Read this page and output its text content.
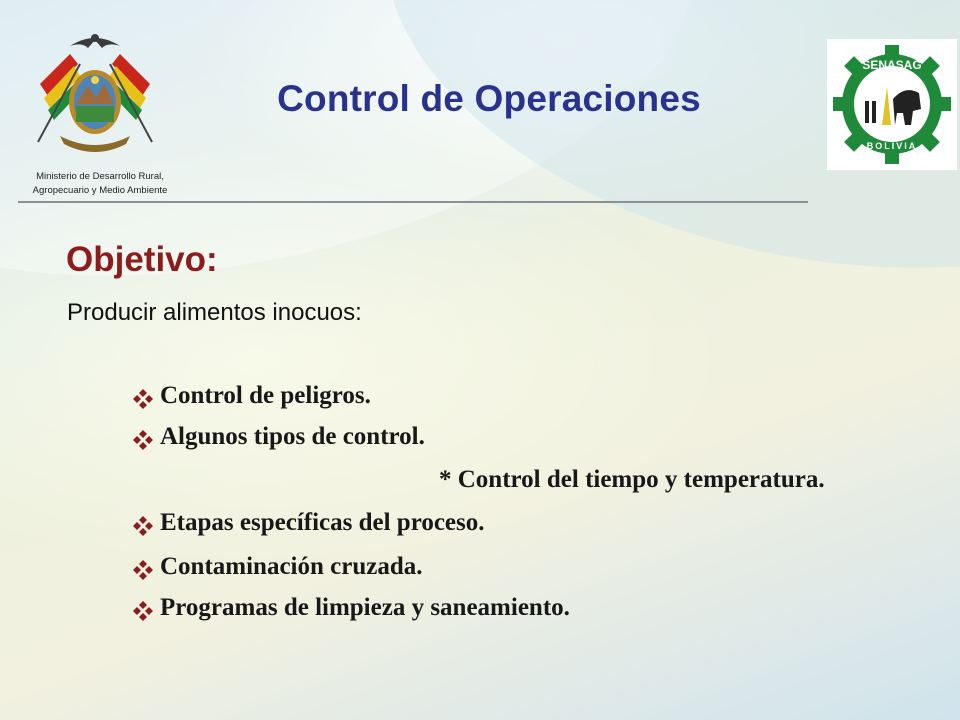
Ministerio de Desarrollo Rural,
Agropecuario y Medio Ambiente
Control de Operaciones
SENASAG
BOLIVIA
Objetivo:
Producir alimentos inocuos:
Control de peligros.
Algunos tipos de control.
* Control del tiempo y temperatura.
Etapas específicas del proceso.
Contaminación cruzada.
Programas de limpieza y saneamiento.
